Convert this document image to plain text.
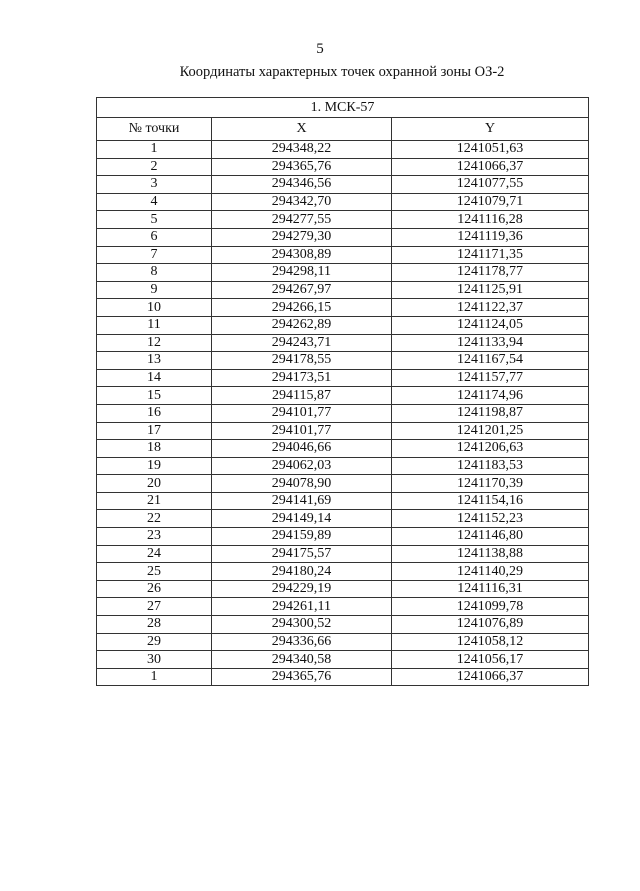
5
Координаты характерных точек охранной зоны ОЗ-2
1. МСК-57		
№ точки	X	Y
1	294348,22	1241051,63
2	294365,76	1241066,37
3	294346,56	1241077,55
4	294342,70	1241079,71
5	294277,55	1241116,28
6	294279,30	1241119,36
7	294308,89	1241171,35
8	294298,11	1241178,77
9	294267,97	1241125,91
10	294266,15	1241122,37
11	294262,89	1241124,05
12	294243,71	1241133,94
13	294178,55	1241167,54
14	294173,51	1241157,77
15	294115,87	1241174,96
16	294101,77	1241198,87
17	294101,77	1241201,25
18	294046,66	1241206,63
19	294062,03	1241183,53
20	294078,90	1241170,39
21	294141,69	1241154,16
22	294149,14	1241152,23
23	294159,89	1241146,80
24	294175,57	1241138,88
25	294180,24	1241140,29
26	294229,19	1241116,31
27	294261,11	1241099,78
28	294300,52	1241076,89
29	294336,66	1241058,12
30	294340,58	1241056,17
1	294365,76	1241066,37
